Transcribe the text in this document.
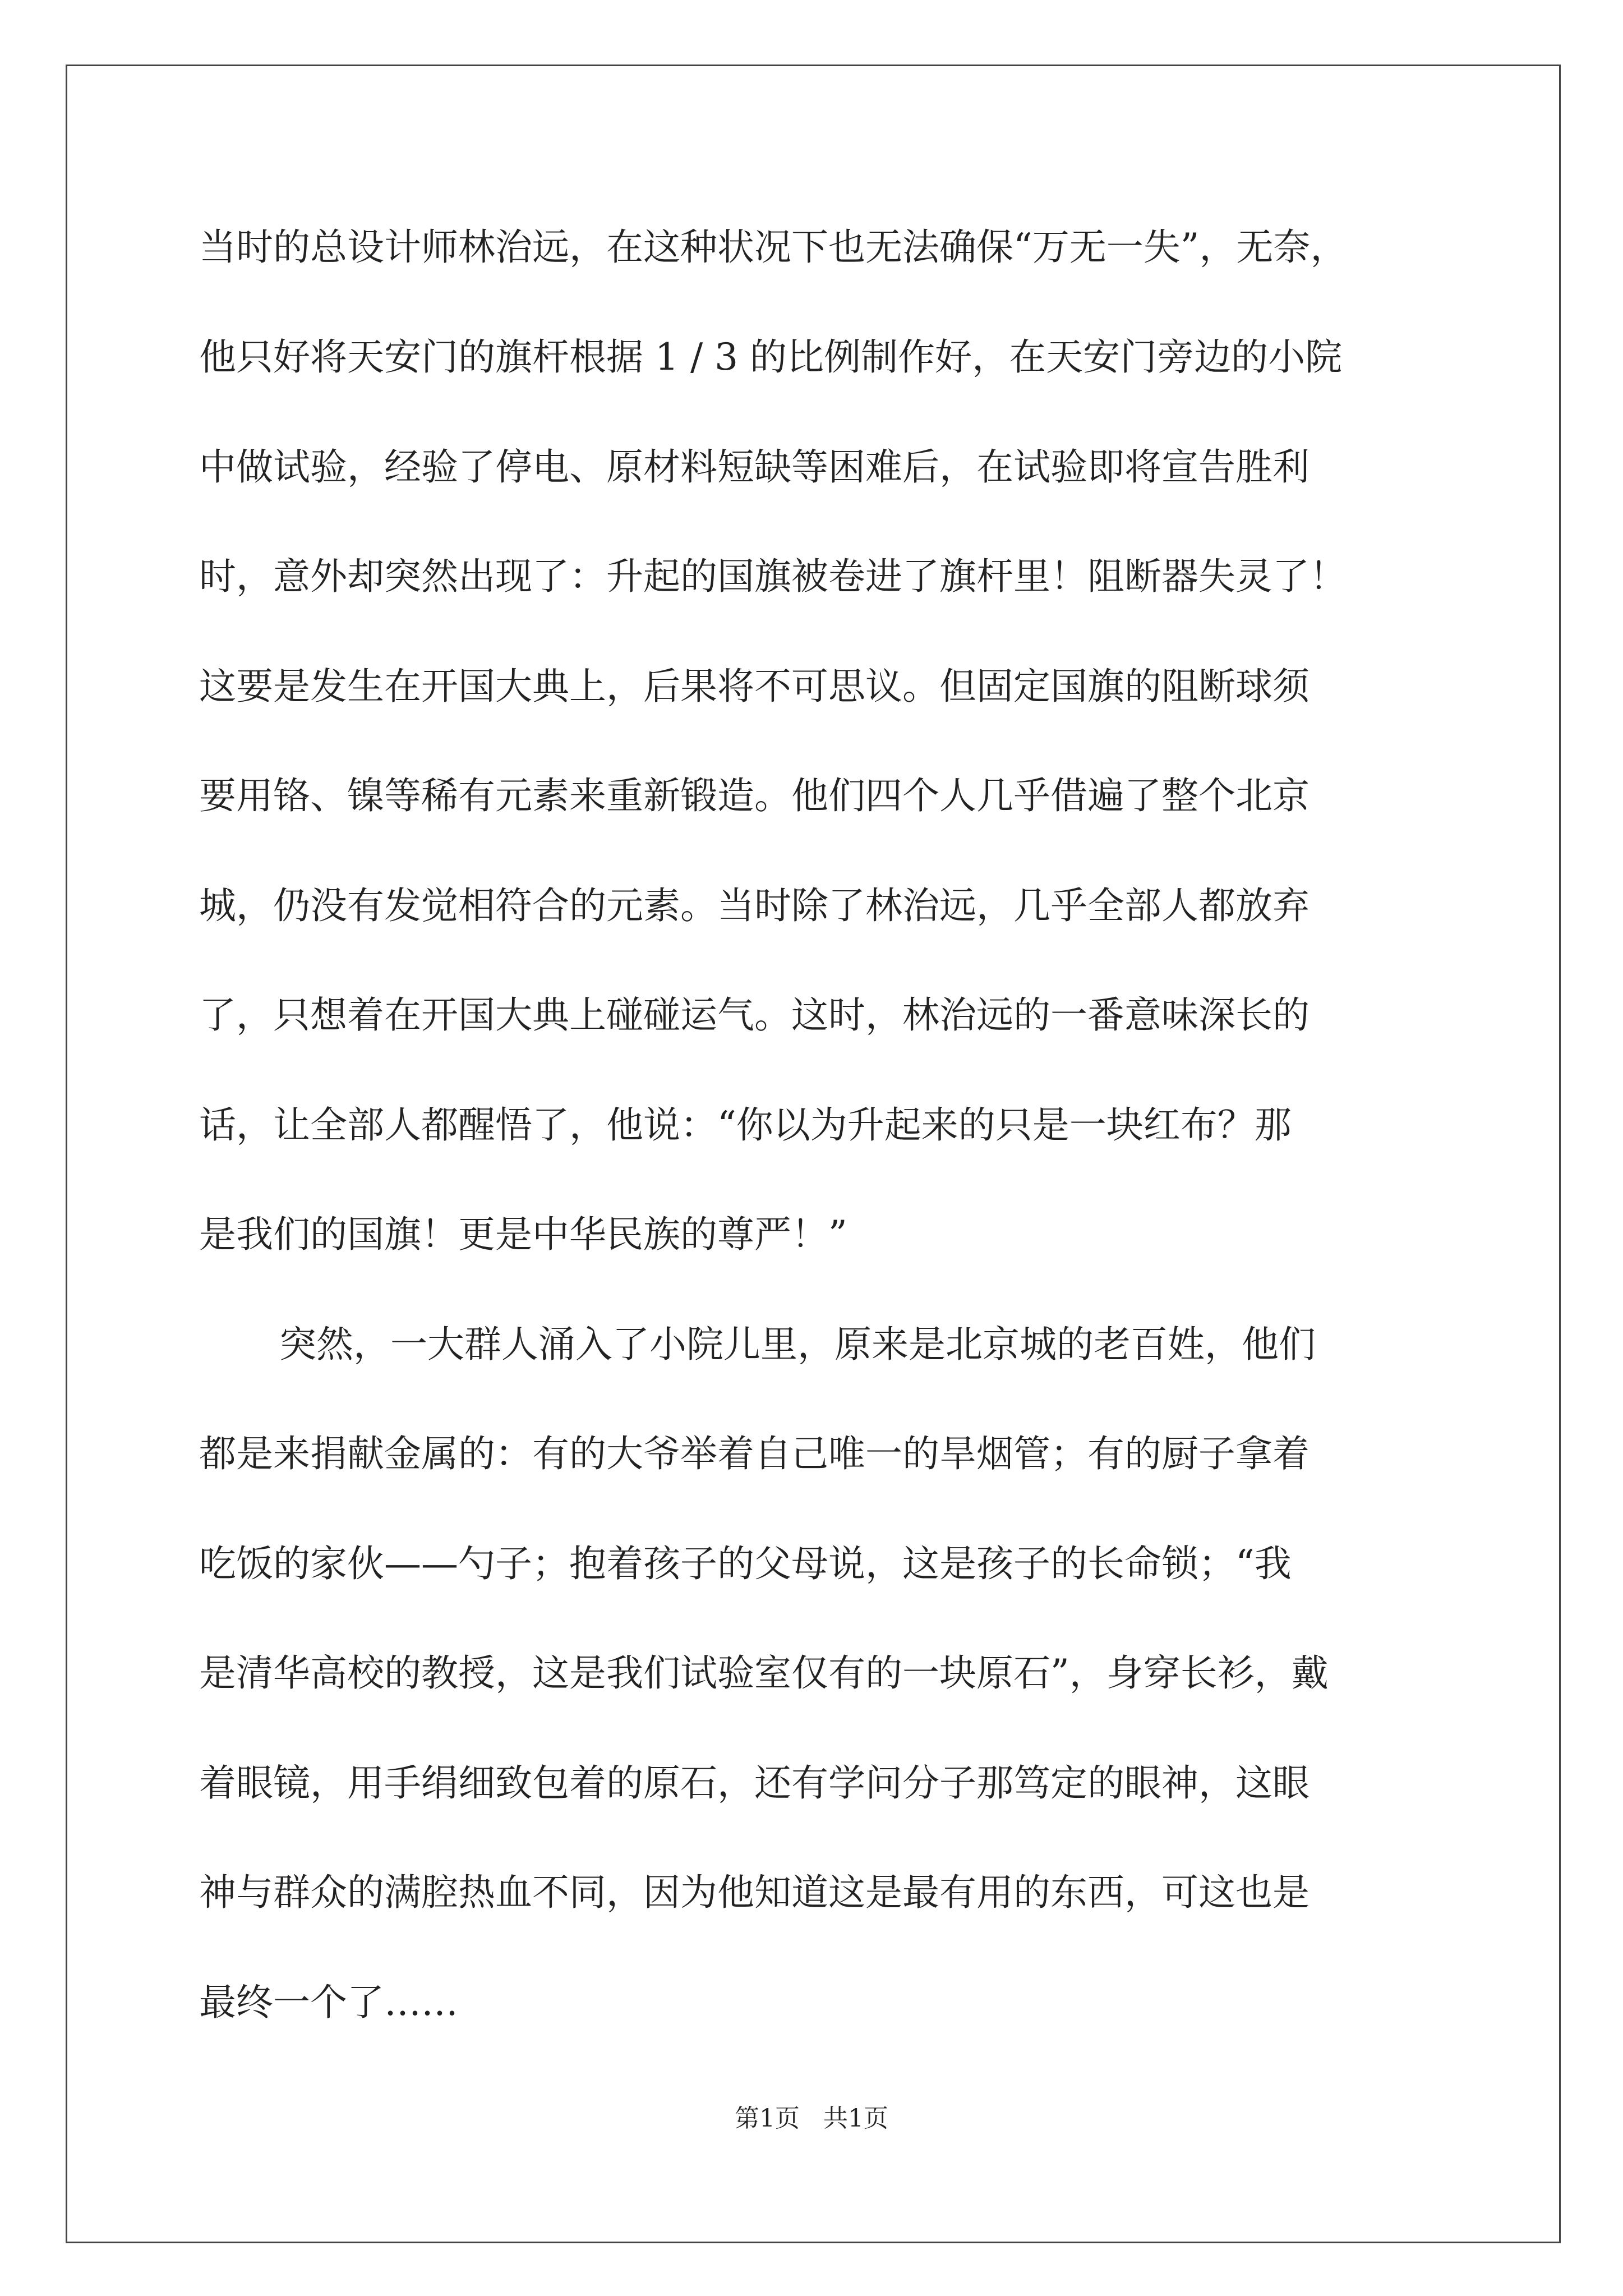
当时的总设计师林治远，在这种状况下也无法确保“万无一失”，无奈，

他只好将天安门的旗杆根据 1 / 3 的比例制作好，在天安门旁边的小院

中做试验，经验了停电、原材料短缺等困难后，在试验即将宣告胜利

时，意外却突然出现了：升起的国旗被卷进了旗杆里！阻断器失灵了！

这要是发生在开国大典上，后果将不可思议。但固定国旗的阻断球须

要用铬、镍等稀有元素来重新锻造。他们四个人几乎借遍了整个北京

城，仍没有发觉相符合的元素。当时除了林治远，几乎全部人都放弃

了，只想着在开国大典上碰碰运气。这时，林治远的一番意味深长的

话，让全部人都醒悟了，他说：“你以为升起来的只是一块红布？那

是我们的国旗！更是中华民族的尊严！”

突然，一大群人涌入了小院儿里，原来是北京城的老百姓，他们

都是来捐献金属的：有的大爷举着自己唯一的旱烟管；有的厨子拿着

吃饭的家伙——勺子；抱着孩子的父母说，这是孩子的长命锁；“我

是清华高校的教授，这是我们试验室仅有的一块原石”，身穿长衫，戴

着眼镜，用手绢细致包着的原石，还有学问分子那笃定的眼神，这眼

神与群众的满腔热血不同，因为他知道这是最有用的东西，可这也是

最终一个了……

第1页 共1页
